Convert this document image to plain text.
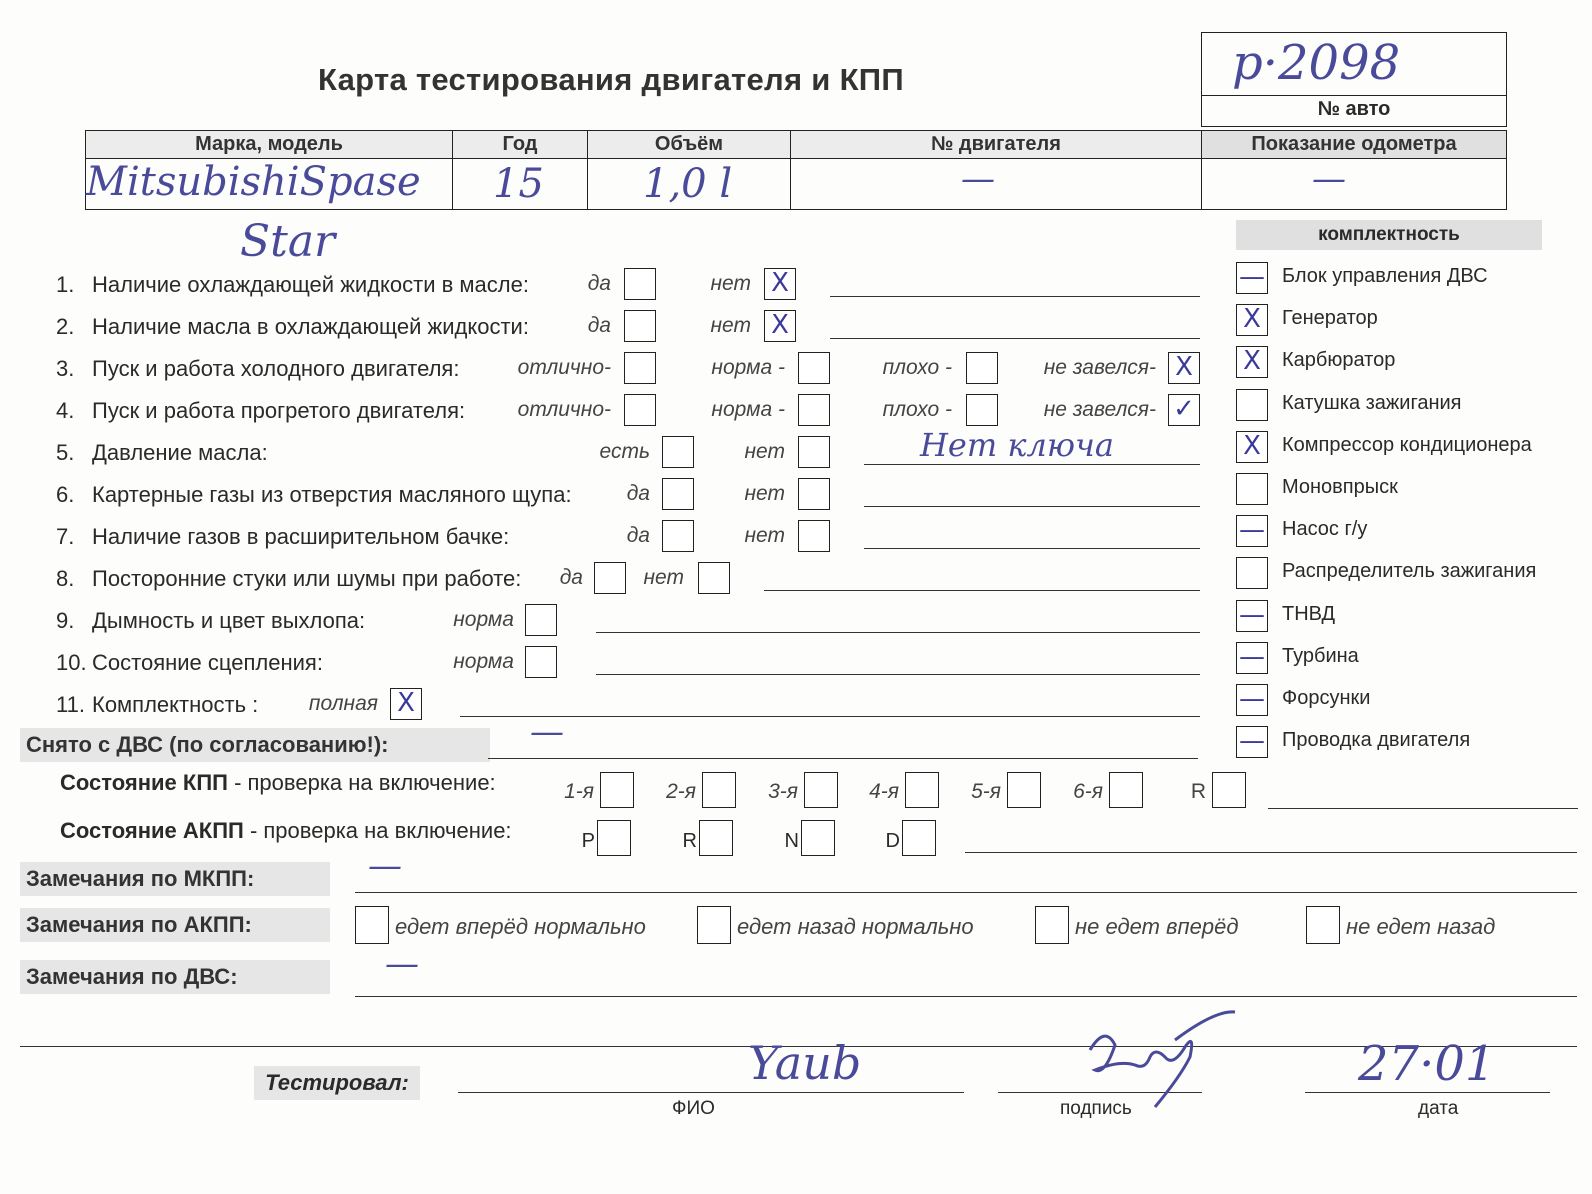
Карта тестирования двигателя и КПП	р·2098
№ авто
Марка, модель	Год	Объём	№ двигателя	Показание одометра

MitsubishiSpase	15	1,0 l	—	—
Star
1. Наличие охлаждающей жидкости в масле:	да	нет X
2. Наличие масла в охлаждающей жидкости:	да	нет X
3. Пуск и работа холодного двигателя:	отлично-	норма -	плохо -	не завелся- X
4. Пуск и работа прогретого двигателя:	отлично-	норма -	плохо -	не завелся- ✓
5. Давление масла:	есть	нет	Нет ключа
6. Картерные газы из отверстия масляного щупа:	да	нет
7. Наличие газов в расширительном бачке:	да	нет
8. Посторонние стуки или шумы при работе: да	нет
9. Дымность и цвет выхлопа:	норма
10. Состояние сцепления:	норма
11. Комплектность : полная X
Снято с ДВС (по согласованию!):	—
Состояние КПП - проверка на включение:	1-я	2-я	3-я	4-я	5-я	6-я	R
Состояние АКПП - проверка на включение:	P	R	N	D
Замечания по МКПП:	—
Замечания по АКПП:	едет вперёд нормально	едет назад нормально	не едет вперёд	не едет назад
Замечания по ДВС:	—
комплектность
— Блок управления ДВС
X	Генератор
X	Карбюратор
Катушка зажигания
X	Компрессор кондиционера
Моновпрыск
— Насос г/у
Распределитель зажигания
— ТНВД
— Турбина
— Форсунки
— Проводка двигателя
Тестировал:	Yaub
ФИО	подпись
27·01
дата
